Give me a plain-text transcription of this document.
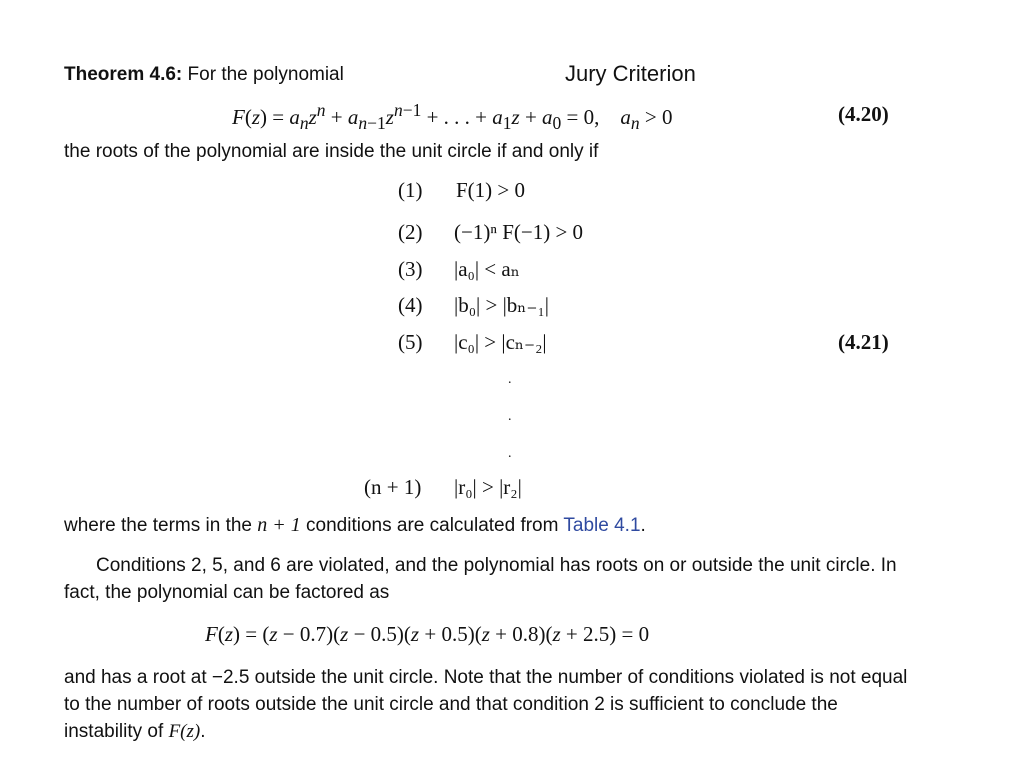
Jury Criterion
Theorem 4.6: For the polynomial
$F(z) = a_nz^n + a_{n-1}z^{n-1}$ + . . . + $a_1z + a_0 = 0$,    $a_n > 0$	(4.20)
the roots of the polynomial are inside the unit circle if and only if
(1) F(1) > 0
(2) (−1)ⁿ F(−1) > 0
(3) |a₀| < aₙ
(4) |b₀| > |bₙ₋₁|
(5) |c₀| > |cₙ₋₂|	(4.21)
.
.
.
(n + 1) |r₀| > |r₂|
where the terms in the n + 1 conditions are calculated from Table 4.1.
Conditions 2, 5, and 6 are violated, and the polynomial has roots on or outside the unit circle. In fact, the polynomial can be factored as
F(z) = (z − 0.7)(z − 0.5)(z + 0.5)(z + 0.8)(z + 2.5) = 0
and has a root at −2.5 outside the unit circle. Note that the number of conditions violated is not equal to the number of roots outside the unit circle and that condition 2 is sufficient to conclude the instability of F(z).
